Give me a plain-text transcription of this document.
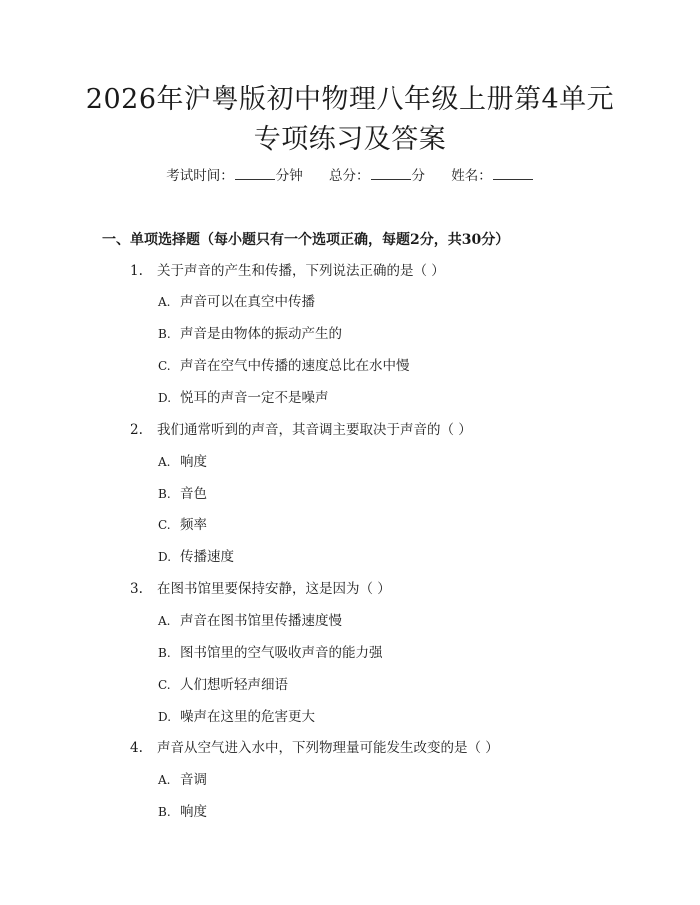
2026年沪粤版初中物理八年级上册第4单元
专项练习及答案
考试时间：	分钟 总分：	分 姓名：
一、单项选择题（每小题只有一个选项正确，每题2分，共30分）
1. 关于声音的产生和传播，下列说法正确的是（ ）
A. 声音可以在真空中传播
B. 声音是由物体的振动产生的
C. 声音在空气中传播的速度总比在水中慢
D. 悦耳的声音一定不是噪声
2. 我们通常听到的声音，其音调主要取决于声音的（ ）
A. 响度
B. 音色
C. 频率
D. 传播速度
3. 在图书馆里要保持安静，这是因为（ ）
A. 声音在图书馆里传播速度慢
B. 图书馆里的空气吸收声音的能力强
C. 人们想听轻声细语
D. 噪声在这里的危害更大
4. 声音从空气进入水中，下列物理量可能发生改变的是（ ）
A. 音调
B. 响度
